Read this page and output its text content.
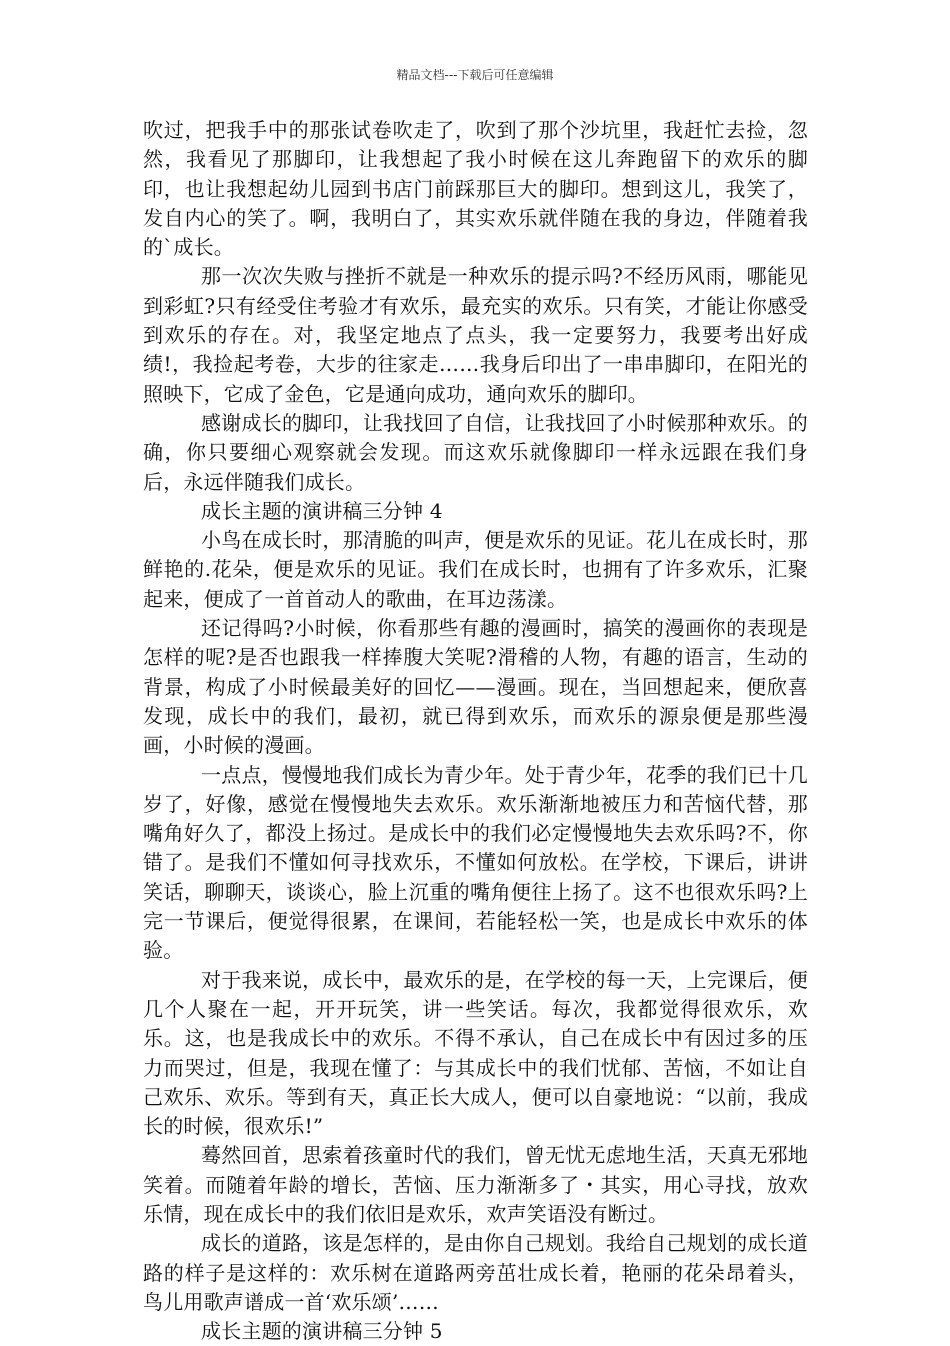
精品文档---下载后可任意编辑

吹过，把我手中的那张试卷吹走了，吹到了那个沙坑里，我赶忙去捡，忽然，我看见了那脚印，让我想起了我小时候在这儿奔跑留下的欢乐的脚印，也让我想起幼儿园到书店门前踩那巨大的脚印。想到这儿，我笑了，发自内心的笑了。啊，我明白了，其实欢乐就伴随在我的身边，伴随着我的`成长。

那一次次失败与挫折不就是一种欢乐的提示吗?不经历风雨，哪能见到彩虹?只有经受住考验才有欢乐，最充实的欢乐。只有笑，才能让你感受到欢乐的存在。对，我坚定地点了点头，我一定要努力，我要考出好成绩!，我捡起考卷，大步的往家走……我身后印出了一串串脚印，在阳光的照映下，它成了金色，它是通向成功，通向欢乐的脚印。

感谢成长的脚印，让我找回了自信，让我找回了小时候那种欢乐。的确，你只要细心观察就会发现。而这欢乐就像脚印一样永远跟在我们身后，永远伴随我们成长。

成长主题的演讲稿三分钟 4

小鸟在成长时，那清脆的叫声，便是欢乐的见证。花儿在成长时，那鲜艳的.花朵，便是欢乐的见证。我们在成长时，也拥有了许多欢乐，汇聚起来，便成了一首首动人的歌曲，在耳边荡漾。

还记得吗?小时候，你看那些有趣的漫画时，搞笑的漫画你的表现是怎样的呢?是否也跟我一样捧腹大笑呢?滑稽的人物，有趣的语言，生动的背景，构成了小时候最美好的回忆——漫画。现在，当回想起来，便欣喜发现，成长中的我们，最初，就已得到欢乐，而欢乐的源泉便是那些漫画，小时候的漫画。

一点点，慢慢地我们成长为青少年。处于青少年，花季的我们已十几岁了，好像，感觉在慢慢地失去欢乐。欢乐渐渐地被压力和苦恼代替，那嘴角好久了，都没上扬过。是成长中的我们必定慢慢地失去欢乐吗?不，你错了。是我们不懂如何寻找欢乐，不懂如何放松。在学校，下课后，讲讲笑话，聊聊天，谈谈心，脸上沉重的嘴角便往上扬了。这不也很欢乐吗?上完一节课后，便觉得很累，在课间，若能轻松一笑，也是成长中欢乐的体验。

对于我来说，成长中，最欢乐的是，在学校的每一天，上完课后，便几个人聚在一起，开开玩笑，讲一些笑话。每次，我都觉得很欢乐，欢乐。这，也是我成长中的欢乐。不得不承认，自己在成长中有因过多的压力而哭过，但是，我现在懂了：与其成长中的我们忧郁、苦恼，不如让自己欢乐、欢乐。等到有天，真正长大成人，便可以自豪地说：“以前，我成长的时候，很欢乐!”

蓦然回首，思索着孩童时代的我们，曾无忧无虑地生活，天真无邪地笑着。而随着年龄的增长，苦恼、压力渐渐多了・其实，用心寻找，放欢乐情，现在成长中的我们依旧是欢乐，欢声笑语没有断过。

成长的道路，该是怎样的，是由你自己规划。我给自己规划的成长道路的样子是这样的：欢乐树在道路两旁茁壮成长着，艳丽的花朵昂着头，鸟儿用歌声谱成一首‘欢乐颂’……

成长主题的演讲稿三分钟 5
